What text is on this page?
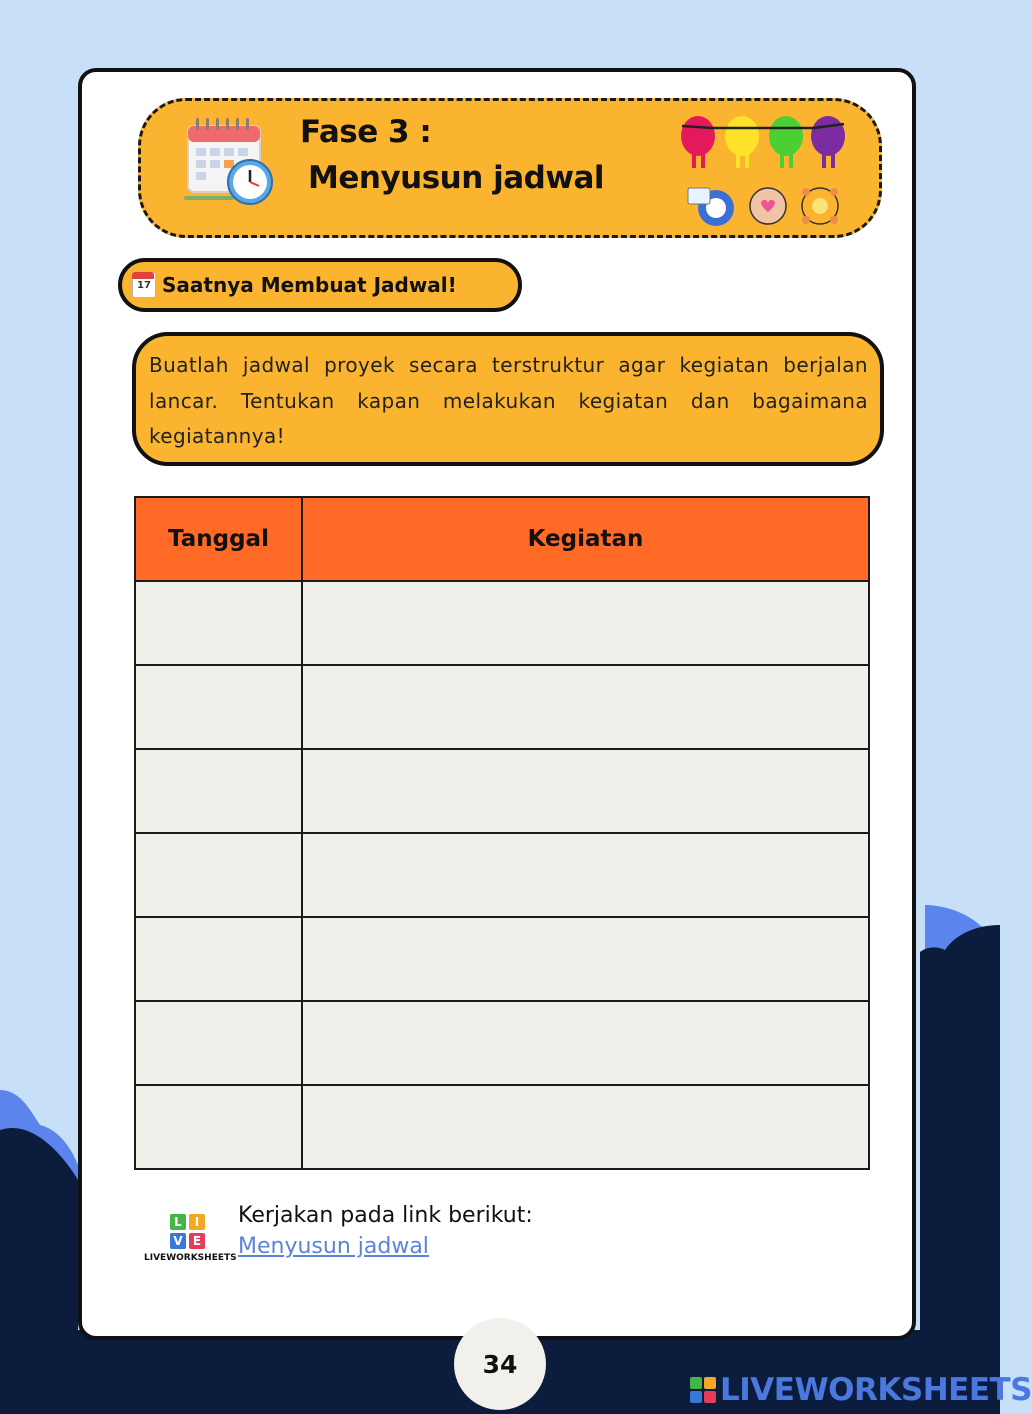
Fase 3 :
Menyusun jadwal
17 Saatnya Membuat Jadwal!
Buatlah jadwal proyek secara terstruktur agar kegiatan berjalan lancar. Tentukan kapan melakukan kegiatan dan bagaimana kegiatannya!
Tanggal	Kegiatan

L	I
V E
LIVEWORKSHEETS
Kerjakan pada link berikut:
Menyusun jadwal
34
LIVEWORKSHEETS
